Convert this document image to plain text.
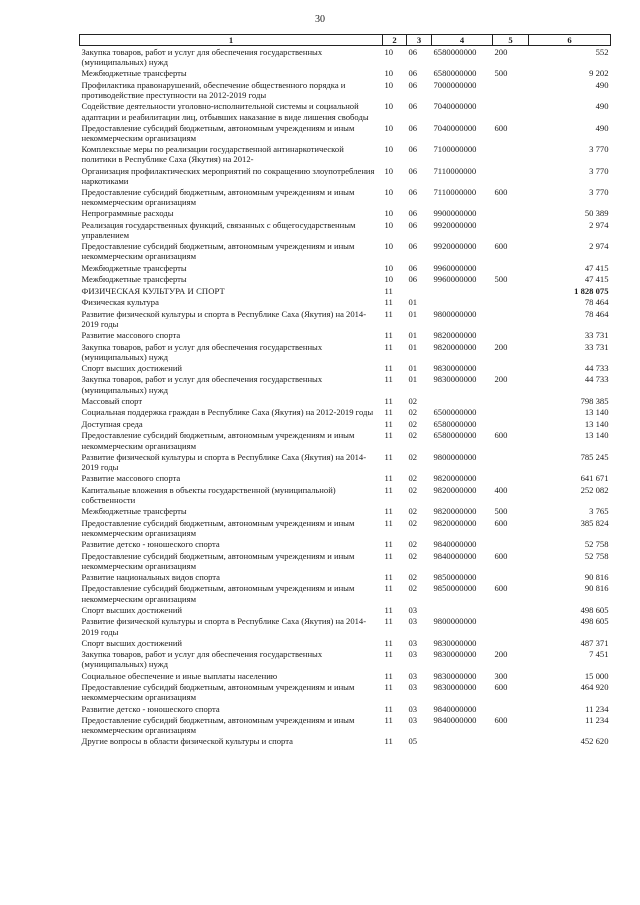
30
1	2	3	4	5	6
Закупка товаров, работ и услуг для обеспечения государственных (муниципальных) нужд	10	06	6580000000	200	552
Межбюджетные трансферты	10	06	6580000000	500	9 202
Профилактика правонарушений, обеспечение общественного порядка и противодействие преступности на 2012-2019 годы	10	06	7000000000		490
Содействие деятельности уголовно-исполнительной системы и социальной адаптации и реабилитации лиц, отбывших наказание в виде лишения свободы	10	06	7040000000		490
Предоставление субсидий бюджетным, автономным учреждениям и иным некоммерческим организациям	10	06	7040000000	600	490
Комплексные меры по реализации государственной антинаркотической политики в Республике Саха (Якутия) на 2012-	10	06	7100000000		3 770
Организация профилактических мероприятий по сокращению злоупотребления наркотиками	10	06	7110000000		3 770
Предоставление субсидий бюджетным, автономным учреждениям и иным некоммерческим организациям	10	06	7110000000	600	3 770
Непрограммные расходы	10	06	9900000000		50 389
Реализация государственных функций, связанных с общегосударственным управлением	10	06	9920000000		2 974
Предоставление субсидий бюджетным, автономным учреждениям и иным некоммерческим организациям	10	06	9920000000	600	2 974
Межбюджетные трансферты	10	06	9960000000		47 415
Межбюджетные трансферты	10	06	9960000000	500	47 415
ФИЗИЧЕСКАЯ КУЛЬТУРА И СПОРТ	11				1 828 075
Физическая культура	11	01			78 464
Развитие физической культуры и спорта в Республике Саха (Якутия) на 2014-2019 годы	11	01	9800000000		78 464
Развитие массового спорта	11	01	9820000000		33 731
Закупка товаров, работ и услуг для обеспечения государственных (муниципальных) нужд	11	01	9820000000	200	33 731
Спорт высших достижений	11	01	9830000000		44 733
Закупка товаров, работ и услуг для обеспечения государственных (муниципальных) нужд	11	01	9830000000	200	44 733
Массовый спорт	11	02			798 385
Социальная поддержка граждан в Республике Саха (Якутия) на 2012-2019 годы	11	02	6500000000		13 140
Доступная среда	11	02	6580000000		13 140
Предоставление субсидий бюджетным, автономным учреждениям и иным некоммерческим организациям	11	02	6580000000	600	13 140
Развитие физической культуры и спорта в Республике Саха (Якутия) на 2014-2019 годы	11	02	9800000000		785 245
Развитие массового спорта	11	02	9820000000		641 671
Капитальные вложения в объекты государственной (муниципальной) собственности	11	02	9820000000	400	252 082
Межбюджетные трансферты	11	02	9820000000	500	3 765
Предоставление субсидий бюджетным, автономным учреждениям и иным некоммерческим организациям	11	02	9820000000	600	385 824
Развитие детско - юношеского спорта	11	02	9840000000		52 758
Предоставление субсидий бюджетным, автономным учреждениям и иным некоммерческим организациям	11	02	9840000000	600	52 758
Развитие национальных видов спорта	11	02	9850000000		90 816
Предоставление субсидий бюджетным, автономным учреждениям и иным некоммерческим организациям	11	02	9850000000	600	90 816
Спорт высших достижений	11	03			498 605
Развитие физической культуры и спорта в Республике Саха (Якутия) на 2014-2019 годы	11	03	9800000000		498 605
Спорт высших достижений	11	03	9830000000		487 371
Закупка товаров, работ и услуг для обеспечения государственных (муниципальных) нужд	11	03	9830000000	200	7 451
Социальное обеспечение и иные выплаты населению	11	03	9830000000	300	15 000
Предоставление субсидий бюджетным, автономным учреждениям и иным некоммерческим организациям	11	03	9830000000	600	464 920
Развитие детско - юношеского спорта	11	03	9840000000		11 234
Предоставление субсидий бюджетным, автономным учреждениям и иным некоммерческим организациям	11	03	9840000000	600	11 234
Другие вопросы в области физической культуры и спорта	11	05			452 620
